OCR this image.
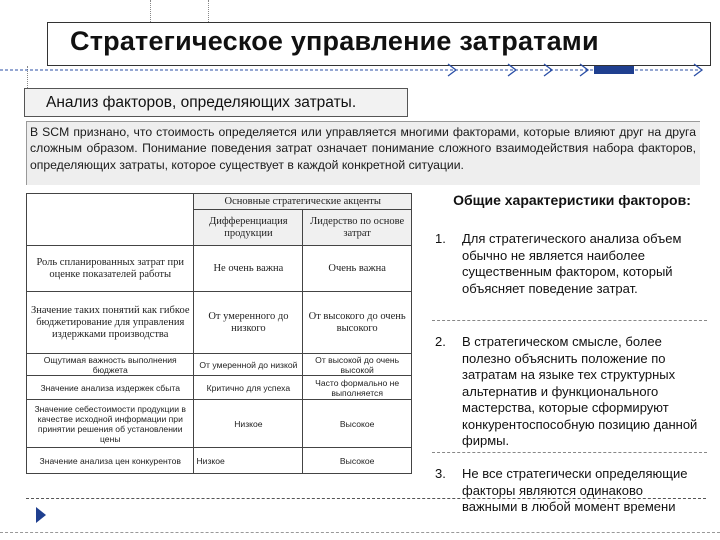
Стратегическое управление затратами
Анализ факторов, определяющих затраты.
В SCM признано, что стоимость определяется или управляется многими факторами, которые влияют друг на друга сложным образом. Понимание поведения затрат означает понимание сложного взаимодействия набора факторов, определяющих затраты, которое существует в каждой конкретной ситуации.
	Основные стратегические акценты	
	Дифференциация продукции	Лидерство по основе затрат
Роль спланированных затрат при оценке показателей работы	Не очень важна	Очень важна
Значение таких понятий как гибкое бюджетирование для управления издержками производства	От умеренного до низкого	От высокого до очень высокого
Ощутимая важность выполнения бюджета	От умеренной до низкой	От высокой до очень высокой
Значение анализа издержек сбыта	Критично для успеха	Часто формально не выполняется
Значение себестоимости продукции в качестве исходной информации при принятии решения об установлении цены	Низкое	Высокое
Значение анализа цен конкурентов	Низкое	Высокое
Общие характеристики факторов:
1. Для стратегического анализа объем обычно не является наиболее существенным фактором, который объясняет поведение затрат.
2. В стратегическом смысле, более полезно объяснить положение по затратам на языке тех структурных альтернатив и функционального мастерства, которые сформируют конкурентоспособную позицию данной фирмы.
3. Не все стратегически определяющие факторы являются одинаково важными в любой момент времени
